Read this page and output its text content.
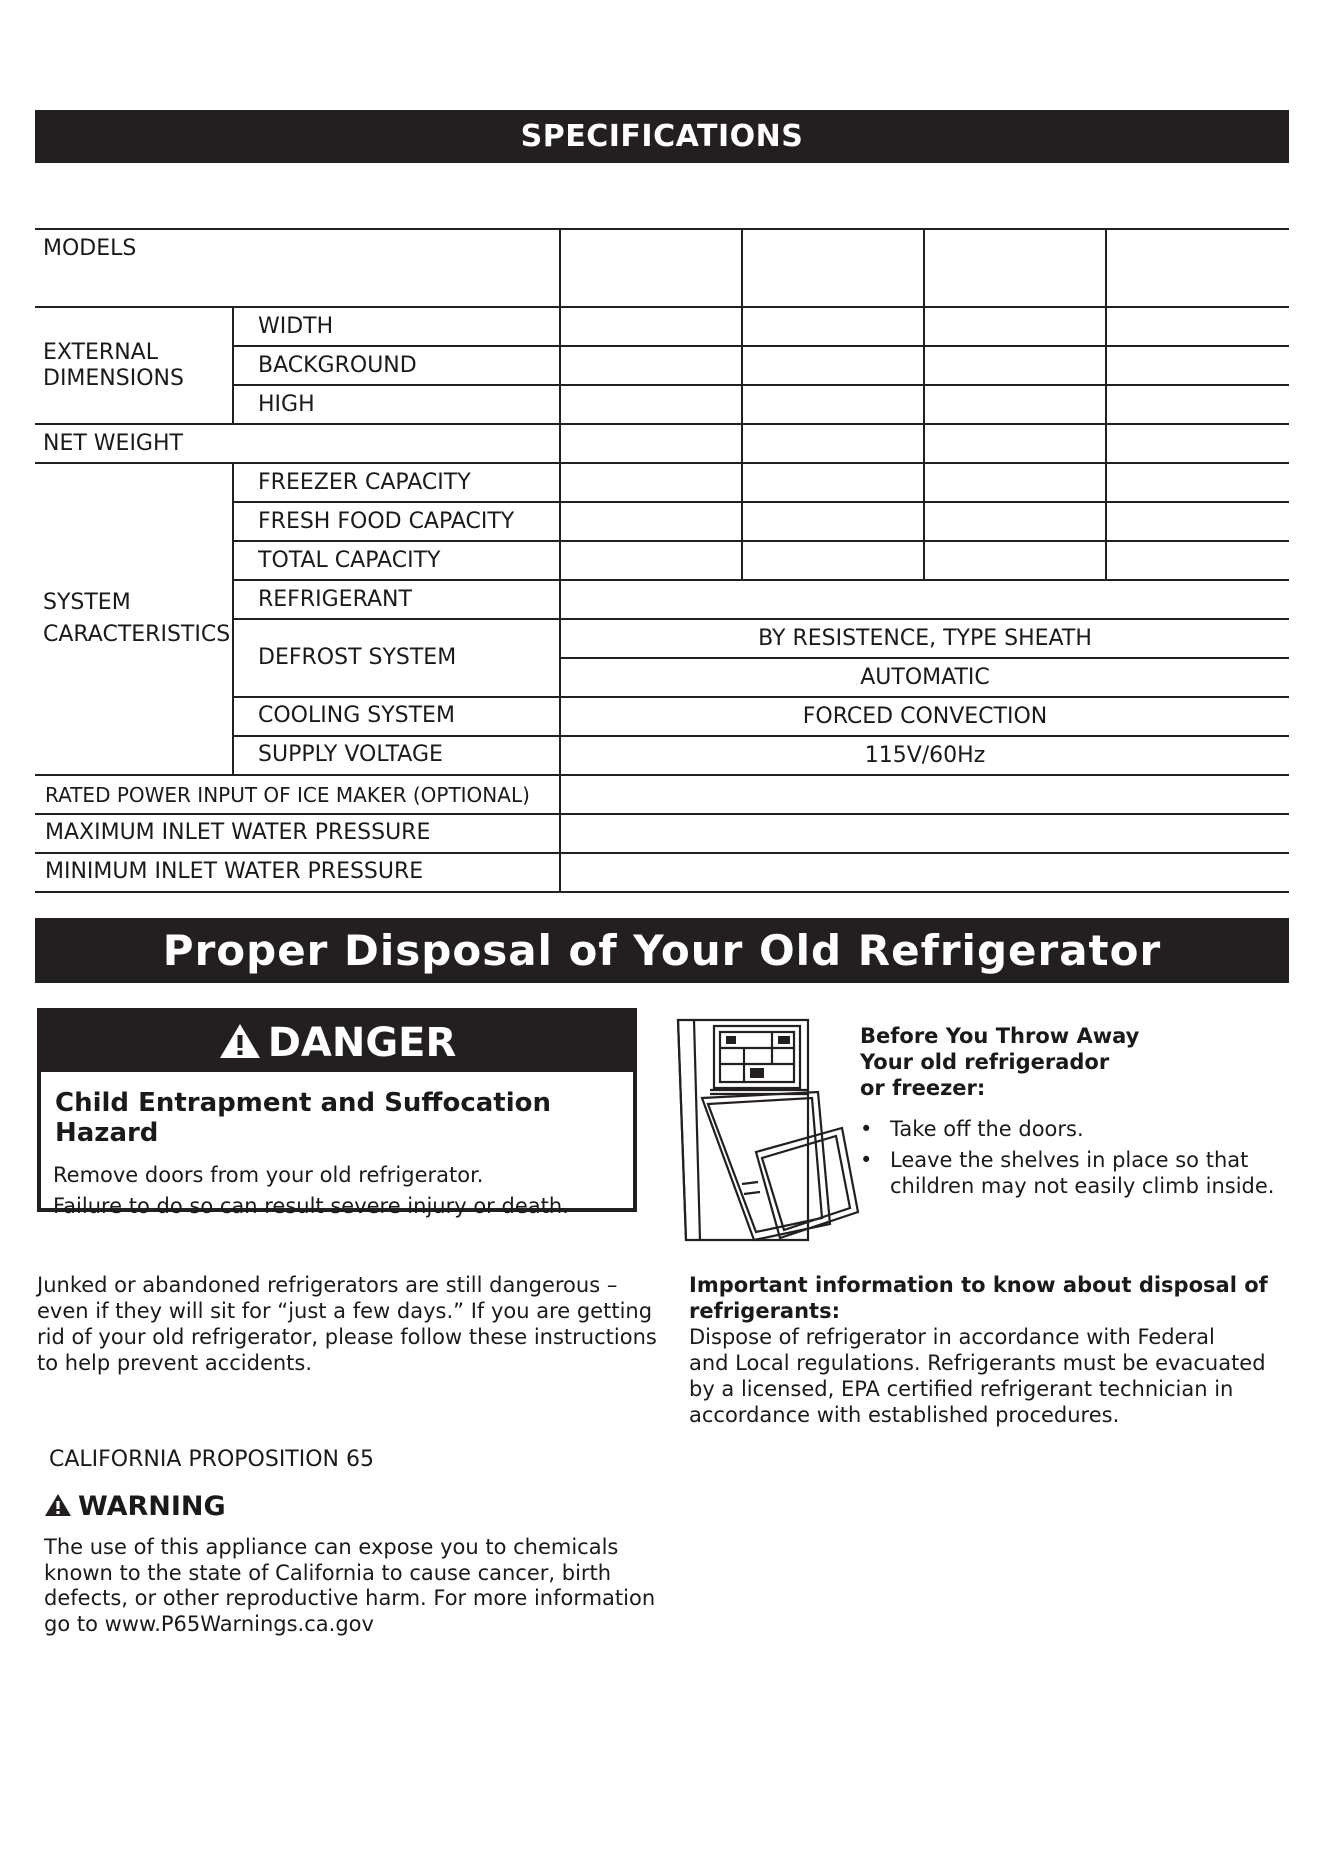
SPECIFICATIONS
MODELS
EXTERNAL
DIMENSIONS
WIDTH
BACKGROUND
HIGH
NET WEIGHT
FREEZER CAPACITY
FRESH FOOD CAPACITY
TOTAL CAPACITY
SYSTEM
CARACTERISTICS
REFRIGERANT
DEFROST SYSTEM
COOLING SYSTEM
SUPPLY VOLTAGE
RATED POWER INPUT OF ICE MAKER (OPTIONAL)
MAXIMUM INLET WATER PRESSURE
MINIMUM INLET WATER PRESSURE
BY RESISTENCE, TYPE SHEATH
AUTOMATIC
FORCED CONVECTION
115V/60Hz
Proper Disposal of Your Old Refrigerator
DANGER
Child Entrapment and Suffocation Hazard
Remove doors from your old refrigerator.
Failure to do so can result severe injury or death.
Before You Throw Away
Your old refrigerador
or freezer:
• Take off the doors.
• Leave the shelves in place so that
children may not easily climb inside.
Junked or abandoned refrigerators are still dangerous –
even if they will sit for “just a few days.” If you are getting
rid of your old refrigerator, please follow these instructions
to help prevent accidents.
Important information to know about disposal of
refrigerants:
Dispose of refrigerator in accordance with Federal
and Local regulations. Refrigerants must be evacuated
by a licensed, EPA certified refrigerant technician in
accordance with established procedures.
CALIFORNIA PROPOSITION 65
WARNING
The use of this appliance can expose you to chemicals
known to the state of California to cause cancer, birth
defects, or other reproductive harm. For more information
go to www.P65Warnings.ca.gov
